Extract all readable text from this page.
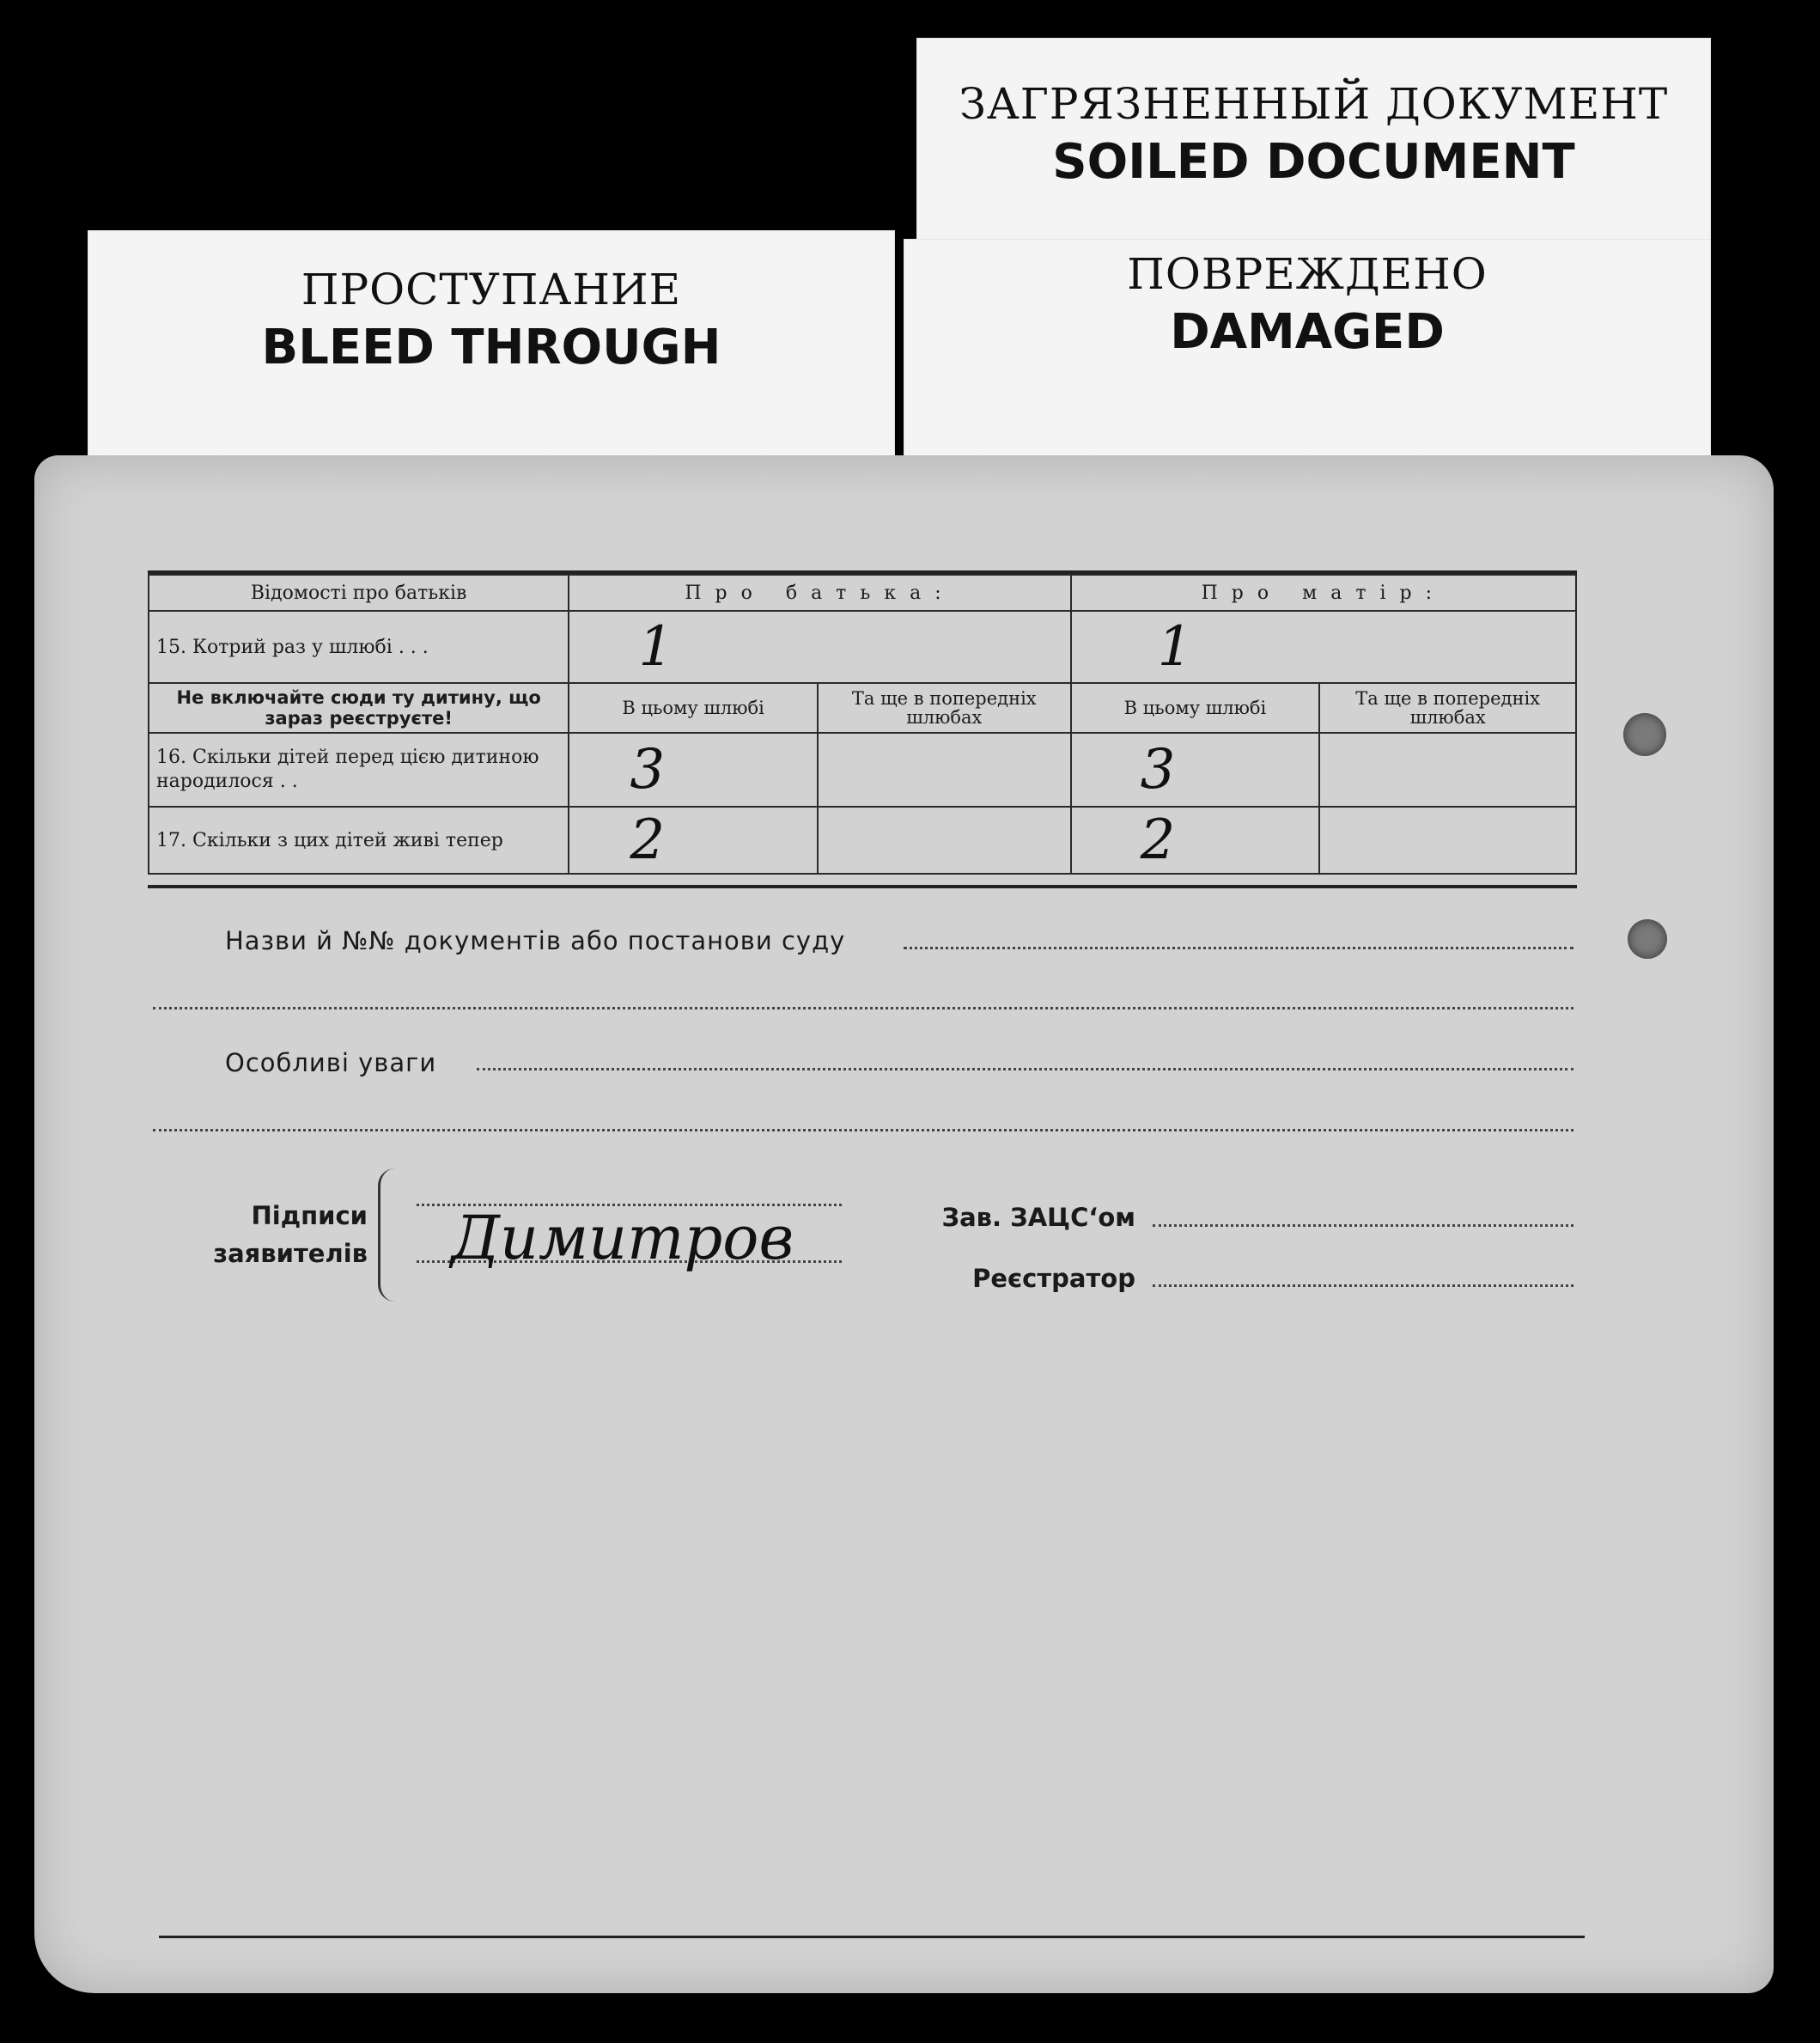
ЗАГРЯЗНЕННЫЙ ДОКУМЕНТ
SOILED DOCUMENT
ПРОСТУПАНИЕ
BLEED THROUGH
ПОВРЕЖДЕНО
DAMAGED
Відомості про батьків	Про батька:		Про матір:	
15. Котрий раз у шлюбі . . .	1		1	
Не включайте сюди ту дитину, що зараз реєструєте!	В цьому шлюбі	Та ще в попередніх шлюбах	В цьому шлюбі	Та ще в попередніх шлюбах
16. Скільки дітей перед цією дитиною народилося . .	3		3	
17. Скільки з цих дітей живі тепер	2		2	
Назви й №№ документів або постанови суду
Особливі уваги
Підписи
заявителів Димитров	Зав. ЗАЦС‘ом
Реєстратор
